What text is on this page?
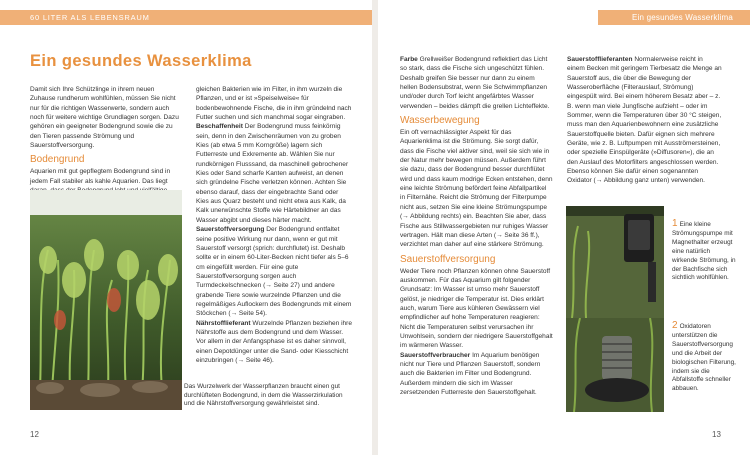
60 LITER ALS LEBENSRAUM	Ein gesundes Wasserklima
Ein gesundes Wasserklima

Damit sich Ihre Schützlinge in ihrem neuen Zuhause rundherum wohlfühlen, müssen Sie nicht nur für die richtigen Wasserwerte, sondern auch noch für weitere wichtige Grundlagen sorgen. Dazu gehören ein geeigneter Bodengrund sowie die zu den Tieren passende Strömung und Sauerstoffversorgung.

Bodengrund

Aquarien mit gut gepflegtem Bodengrund sind in jedem Fall stabiler als kahle Aquarien. Das liegt

gleichen Bakterien wie im Filter, in ihm wurzeln die Pflanzen, und er ist »Speiselweise« für bodenbewohnende Fische, die in ihm gründelnd nach Futter suchen und sich manchmal sogar eingraben.

Beschaffenheit Der Bodengrund muss feinkörnig sein, denn in den Zwischenräumen von zu groben Kies (ab etwa 5 mm Korngröße) lagern sich Futterreste und Exkremente ab. Wählen Sie nur rundkörnigen Flusssand, da maschinell gebrochener Kies oder Sand scharfe Kanten aufweist, an denen sich gründelne Fische verletzen können. Achten Sie ebenso darauf, dass der eingebrachte Sand oder Kies aus Quarz besteht und nicht etwa aus Kalk, da Kalk unerwünschte Stoffe wie Härtebildner an das Wasser abgibt und dieses härter macht.

Sauerstoffversorgung Der Bodengrund entfaltet seine positive Wirkung nur dann, wenn er gut mit Sauerstoff versorgt (sprich: durchflutet) ist. Deshalb sollte er in einem 60-Liter-Becken nicht tiefer als 5–6 cm eingefüllt werden. Für eine gute Sauerstoffversorgung sorgen auch Turmdeckelschnecken (→ Seite 27) und andere grabende Tiere sowie wurzelnde Pflanzen und die regelmäßiges Auflockern des Bodengrunds mit einem Stöckchen (→ Seite 54).

Nährstofflieferant Wurzelnde Pflanzen beziehen ihre Nährstoffe aus dem Bodengrund und dem Wasser. Vor allem in der Anfangsphase ist es daher sinnvoll, einen Depotdünger unter die Sand- oder Kiesschicht einzubringen (→ Seite 46).

Das Wurzelwerk der Wasserpflanzen braucht einen gut durchlüfteten Bodengrund, in dem die Wasserzirkulation und die Nährstoffversorgung gewährleistet sind.

Farbe Grellweißer Bodengrund reflektiert das Licht so stark, dass die Fische sich ungeschützt fühlen. Deshalb greifen Sie besser nur dann zu einem hellen Bodensubstrat, wenn Sie Schwimmpflanzen und/oder durch Torf leicht angefärbtes Wasser verwenden – beides dämpft die grellen Lichteffekte.

Wasserbewegung

Ein oft vernachlässigter Aspekt für das Aquarienklima ist die Strömung. Sie sorgt dafür, dass die Fische viel aktiver sind, weil sie sich wie in der Natur mehr bewegen müssen. Außerdem führt sie dazu, dass der Bodengrund besser durchflütet wird und dass kaum modrige Ecken entstehen, denn eine leichte Strömung befördert feine Abfallpartikel in Filternähe. Reicht die Strömung der Filterpumpe nicht aus, setzen Sie eine kleine Strömungspumpe (→ Abbildung rechts) ein. Beachten Sie aber, dass Fische aus Stillwassergebieten nur ruhiges Wasser vertragen. Hält man diese Arten (→ Seite 36 ff.), verzichtet man daher auf eine stärkere Strömung.

Sauerstoffversorgung

Weder Tiere noch Pflanzen können ohne Sauerstoff auskommen. Für das Aquarium gilt folgender Grundsatz: Im Wasser ist umso mehr Sauerstoff gelöst, je niedriger die Temperatur ist. Dies erklärt auch, warum Tiere aus kühleren Gewässern viel empfindlicher auf hohe Temperaturen reagieren: Nicht die Temperaturen selbst verursachen ihr Unwohlsein, sondern der niedrigere Sauerstoffgehalt im wärmeren Wasser.

Sauerstoffverbraucher Im Aquarium benötigen nicht nur Tiere und Pflanzen Sauerstoff, sondern auch die Bakterien im Filter und Bodengrund. Außerdem mindern die sich im Wasser zersetzenden Futterreste den Sauerstoffgehalt.

Sauerstofflieferanten Normalerweise reicht in einem Becken mit geringem Tierbesatz die Menge an Sauerstoff aus, die über die Bewegung der Wasseroberfläche (Filterauslauf, Strömung) eingespült wird. Bei einem höherem Besatz aber – z. B. wenn man viele Jungfische aufzieht – oder im Sommer, wenn die Temperaturen über 30 °C steigen, muss man den Aquarienbewohnern eine zusätzliche Sauerstoffquelle bieten. Dafür eignen sich mehrere Geräte, wie z. B. Luftpumpen mit Ausströmersteinen, oder spezielle Einspülgeräte (»Diffusoren«), die an den Auslauf des Motorfilters angeschlossen werden. Ebenso können Sie dafür einen sogenannten Oxidator (→ Abbildung ganz unten) verwenden.

1 Eine kleine Strömungspumpe mit Magnethalter erzeugt eine natürlich wirkende Strömung, in der Bachfische sich sichtlich wohlfühlen.
2 Oxidatoren unterstützen die Sauerstoffversorgung und die Arbeit der biologischen Filterung, indem sie die Abfallstoffe schneller abbauen.
12	13
